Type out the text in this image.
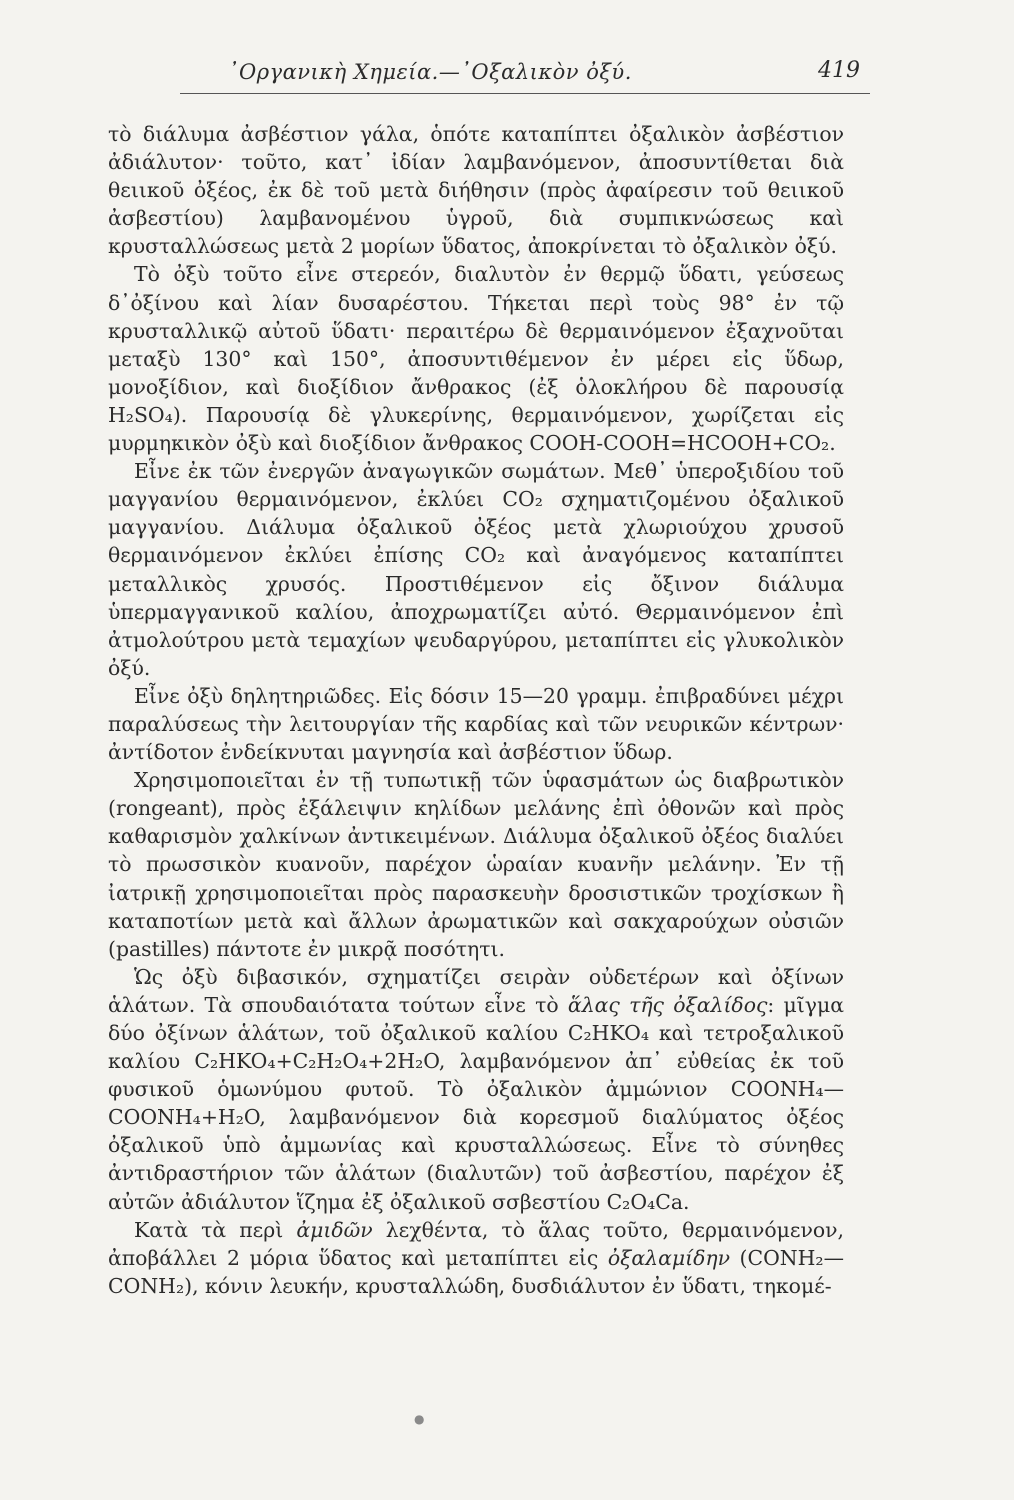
᾽Οργανικὴ Χημεία.—᾽Οξαλικὸν ὀξύ.	419

τὸ διάλυμα ἀσβέστιον γάλα, ὁπότε καταπίπτει ὀξαλικὸν ἀσβέστιον ἀδιάλυτον· τοῦτο, κατ᾽ ἰδίαν λαμβανόμενον, ἀποσυντίθεται διὰ θειικοῦ ὀξέος, ἐκ δὲ τοῦ μετὰ διήθησιν (πρὸς ἀφαίρεσιν τοῦ θειικοῦ ἀσβεστίου) λαμβανομένου ὑγροῦ, διὰ συμπικνώσεως καὶ κρυσταλλώσεως μετὰ 2 μορίων ὕδατος, ἀποκρίνεται τὸ ὀξαλικὸν ὀξύ.

Τὸ ὀξὺ τοῦτο εἶνε στερεόν, διαλυτὸν ἐν θερμῷ ὕδατι, γεύσεως δ᾽ὀξίνου καὶ λίαν δυσαρέστου. Τήκεται περὶ τοὺς 98° ἐν τῷ κρυσταλλικῷ αὐτοῦ ὕδατι· περαιτέρω δὲ θερμαινόμενον ἐξαχνοῦται μεταξὺ 130° καὶ 150°, ἀποσυντιθέμενον ἐν μέρει εἰς ὕδωρ, μονοξίδιον, καὶ διοξίδιον ἄνθρακος (ἐξ ὁλοκλήρου δὲ παρουσίᾳ H₂SO₄). Παρουσίᾳ δὲ γλυκερίνης, θερμαινόμενον, χωρίζεται εἰς μυρμηκικὸν ὀξὺ καὶ διοξίδιον ἄνθρακος COOH-COOH=HCOOH+CO₂.

Εἶνε ἐκ τῶν ἐνεργῶν ἀναγωγικῶν σωμάτων. Μεθ᾽ ὑπεροξιδίου τοῦ μαγγανίου θερμαινόμενον, ἐκλύει CO₂ σχηματιζομένου ὀξαλικοῦ μαγγανίου. Διάλυμα ὀξαλικοῦ ὀξέος μετὰ χλωριούχου χρυσοῦ θερμαινόμενον ἐκλύει ἐπίσης CO₂ καὶ ἀναγόμενος καταπίπτει μεταλλικὸς χρυσός. Προστιθέμενον εἰς ὄξινον διάλυμα ὑπερμαγγανικοῦ καλίου, ἀποχρωματίζει αὐτό. Θερμαινόμενον ἐπὶ ἀτμολούτρου μετὰ τεμαχίων ψευδαργύρου, μεταπίπτει εἰς γλυκολικὸν ὀξύ.

Εἶνε ὀξὺ δηλητηριῶδες. Εἰς δόσιν 15—20 γραμμ. ἐπιβραδύνει μέχρι παραλύσεως τὴν λειτουργίαν τῆς καρδίας καὶ τῶν νευρικῶν κέντρων· ἀντίδοτον ἐνδείκνυται μαγνησία καὶ ἀσβέστιον ὕδωρ.

Χρησιμοποιεῖται ἐν τῇ τυπωτικῇ τῶν ὑφασμάτων ὡς διαβρωτικὸν (rongeant), πρὸς ἐξάλειψιν κηλίδων μελάνης ἐπὶ ὀθονῶν καὶ πρὸς καθαρισμὸν χαλκίνων ἀντικειμένων. Διάλυμα ὀξαλικοῦ ὀξέος διαλύει τὸ πρωσσικὸν κυανοῦν, παρέχον ὡραίαν κυανῆν μελάνην. Ἐν τῇ ἰατρικῇ χρησιμοποιεῖται πρὸς παρασκευὴν δροσιστικῶν τροχίσκων ἢ καταποτίων μετὰ καὶ ἄλλων ἀρωματικῶν καὶ σακχαρούχων οὐσιῶν (pastilles) πάντοτε ἐν μικρᾷ ποσότητι.

Ὡς ὀξὺ διβασικόν, σχηματίζει σειρὰν οὐδετέρων καὶ ὀξίνων ἁλάτων. Τὰ σπουδαιότατα τούτων εἶνε τὸ ἅλας τῆς ὀξαλίδος: μῖγμα δύο ὀξίνων ἁλάτων, τοῦ ὀξαλικοῦ καλίου C₂HKO₄ καὶ τετροξαλικοῦ καλίου C₂HKO₄+C₂H₂O₄+2H₂O, λαμβανόμενον ἀπ᾽ εὐθείας ἐκ τοῦ φυσικοῦ ὁμωνύμου φυτοῦ. Τὸ ὀξαλικὸν ἀμμώνιον COONH₄—COONH₄+H₂O, λαμβανόμενον διὰ κορεσμοῦ διαλύματος ὀξέος ὀξαλικοῦ ὑπὸ ἀμμωνίας καὶ κρυσταλλώσεως. Εἶνε τὸ σύνηθες ἀντιδραστήριον τῶν ἁλάτων (διαλυτῶν) τοῦ ἀσβεστίου, παρέχον ἐξ αὐτῶν ἀδιάλυτον ἵζημα ἐξ ὀξαλικοῦ σσβεστίου C₂O₄Ca.

Κατὰ τὰ περὶ ἀμιδῶν λεχθέντα, τὸ ἅλας τοῦτο, θερμαινόμενον, ἀποβάλλει 2 μόρια ὕδατος καὶ μεταπίπτει εἰς ὀξαλαμίδην (CONH₂—CONH₂), κόνιν λευκήν, κρυσταλλώδη, δυσδιάλυτον ἐν ὕδατι, τηκομέ-

●
